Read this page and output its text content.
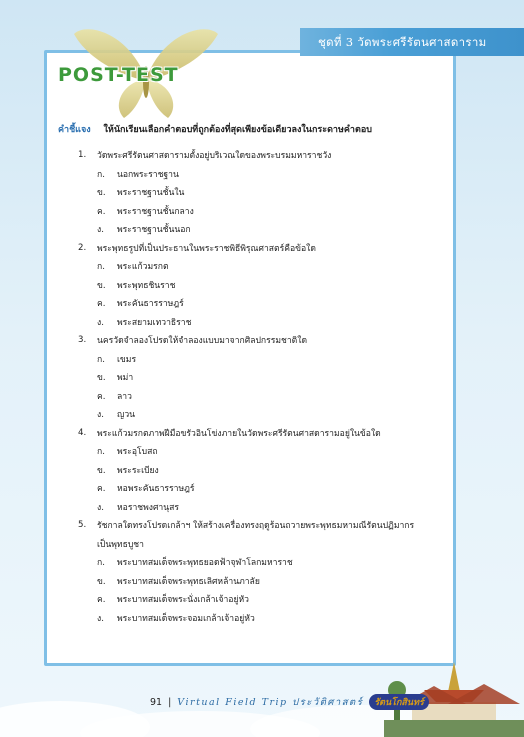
ชุดที่ 3 วัดพระศรีรัตนศาสดาราม
POST-TEST
คำชี้แจง ให้นักเรียนเลือกคำตอบที่ถูกต้องที่สุดเพียงข้อเดียวลงในกระดาษคำตอบ
1.	วัดพระศรีรัตนศาสดารามตั้งอยู่บริเวณใดของพระบรมมหาราชวัง
ก.	นอกพระราชฐาน
ข.	พระราชฐานชั้นใน
ค.	พระราชฐานชั้นกลาง
ง.	พระราชฐานชั้นนอก
2.	พระพุทธรูปที่เป็นประธานในพระราชพิธีพิรุณศาสตร์คือข้อใด
ก.	พระแก้วมรกต
ข.	พระพุทธชินราช
ค.	พระคันธารราษฎร์
ง.	พระสยามเทวาธิราช
3.	นครวัดจำลองโปรดให้จำลองแบบมาจากศิลปกรรมชาติใด
ก.	เขมร
ข.	พม่า
ค.	ลาว
ง.	ญวน
4.	พระแก้วมรกตภาพฝีมือขรัวอินโข่งภายในวัดพระศรีรัตนศาสดารามอยู่ในข้อใด
ก.	พระอุโบสถ
ข.	พระระเบียง
ค.	หอพระคันธารราษฎร์
ง.	หอราชพงศานุสร
5.	รัชกาลใดทรงโปรดเกล้าฯ ให้สร้างเครื่องทรงฤดูร้อนถวายพระพุทธมหามณีรัตนปฏิมากร
เป็นพุทธบูชา
ก.	พระบาทสมเด็จพระพุทธยอดฟ้าจุฬาโลกมหาราช
ข.	พระบาทสมเด็จพระพุทธเลิศหล้านภาลัย
ค.	พระบาทสมเด็จพระนั่งเกล้าเจ้าอยู่หัว
ง.	พระบาทสมเด็จพระจอมเกล้าเจ้าอยู่หัว
91 | Virtual Field Trip ประวัติศาสตร์	รัตนโกสินทร์
